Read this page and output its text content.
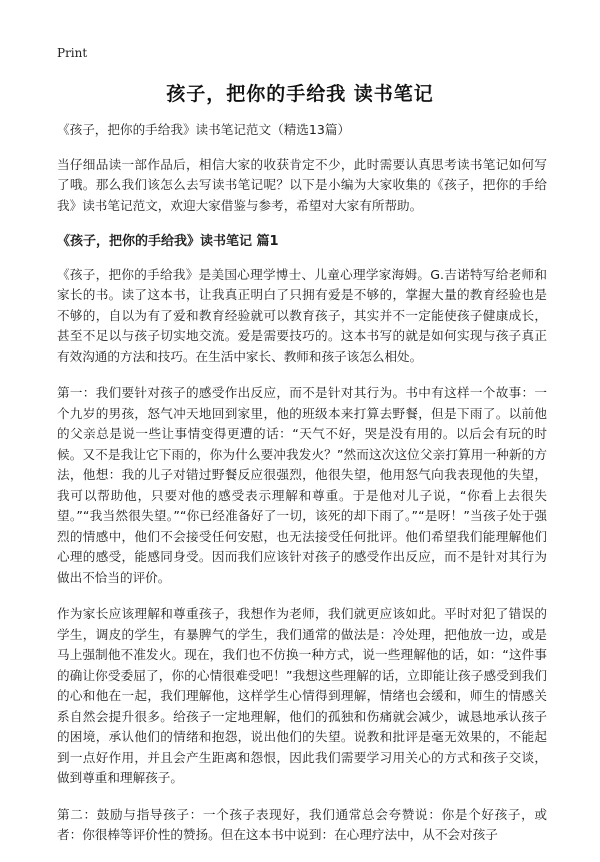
Print
孩子，把你的手给我 读书笔记

《孩子，把你的手给我》读书笔记范文（精选13篇）

当仔细品读一部作品后，相信大家的收获肯定不少，此时需要认真思考读书笔记如何写了哦。那么我们该怎么去写读书笔记呢？以下是小编为大家收集的《孩子，把你的手给我》读书笔记范文，欢迎大家借鉴与参考，希望对大家有所帮助。

《孩子，把你的手给我》读书笔记 篇1

《孩子，把你的手给我》是美国心理学博士、儿童心理学家海姆。G.吉诺特写给老师和家长的书。读了这本书，让我真正明白了只拥有爱是不够的，掌握大量的教育经验也是不够的，自以为有了爱和教育经验就可以教育孩子，其实并不一定能使孩子健康成长，甚至不足以与孩子切实地交流。爱是需要技巧的。这本书写的就是如何实现与孩子真正有效沟通的方法和技巧。在生活中家长、教师和孩子该怎么相处。

第一：我们要针对孩子的感受作出反应，而不是针对其行为。书中有这样一个故事：一个九岁的男孩，怒气冲天地回到家里，他的班级本来打算去野餐，但是下雨了。以前他的父亲总是说一些让事情变得更遭的话：“天气不好，哭是没有用的。以后会有玩的时候。又不是我让它下雨的，你为什么要冲我发火？”然而这次这位父亲打算用一种新的方法，他想：我的儿子对错过野餐反应很强烈，他很失望，他用怒气向我表现他的失望，我可以帮助他，只要对他的感受表示理解和尊重。于是他对儿子说，“你看上去很失望。”“我当然很失望。”“你已经准备好了一切，该死的却下雨了。”“是呀！”当孩子处于强烈的情感中，他们不会接受任何安慰，也无法接受任何批评。他们希望我们能理解他们心理的感受，能感同身受。因而我们应该针对孩子的感受作出反应，而不是针对其行为做出不恰当的评价。

作为家长应该理解和尊重孩子，我想作为老师，我们就更应该如此。平时对犯了错误的学生，调皮的学生，有暴脾气的学生，我们通常的做法是：冷处理，把他放一边，或是马上强制他不准发火。现在，我们也不仿换一种方式，说一些理解他的话，如：“这件事的确让你受委屈了，你的心情很难受吧！”我想这些理解的话，立即能让孩子感受到我们的心和他在一起，我们理解他，这样学生心情得到理解，情绪也会缓和，师生的情感关系自然会提升很多。给孩子一定地理解，他们的孤独和伤痛就会减少，诚恳地承认孩子的困境，承认他们的情绪和抱怨，说出他们的失望。说教和批评是毫无效果的，不能起到一点好作用，并且会产生距离和怨恨，因此我们需要学习用关心的方式和孩子交谈，做到尊重和理解孩子。

第二：鼓励与指导孩子：一个孩子表现好，我们通常总会夸赞说：你是个好孩子，或者：你很棒等评价性的赞扬。但在这本书中说到：在心理疗法中，从不会对孩子
